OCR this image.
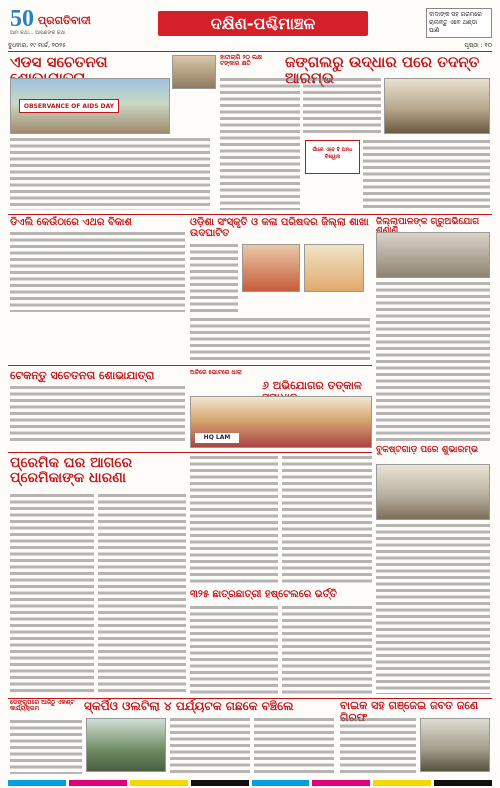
50 ପ୍ରଗତିବାଦୀ
ଆମ କଥା... ଆପଣଙ୍କ କଥା	ଦକ୍ଷିଣ-ପଶ୍ଚିମାଞ୍ଚଳ	ଦାଦାଙ୍କ ସହ ଗରମରେ ଚାଲନ୍ତୁ ଏବେ ଥଣ୍ଡା ପାଣି
ବୁଧବାର, ୧୯ ମାର୍ଚ୍ଚ, ୨୦୨୫	ପୃଷ୍ଠା : ୧୦
ଏଡସ ସଚେତନତା
OBSERVANCE OF AIDS DAY
ହାତୀଲାଗି ୨୦ ଲକ୍ଷ ଟଙ୍କାର କ୍ଷତି	ଜଙ୍ଗଲରୁ ଉଦ୍ଧାର ପରେ ତଦନ୍ତ ଆରମ୍ଭ
ଗାଁରେ ଏବେ ବି ଅନ୍ଧ ବିଶ୍ୱାସ
ଡିଏଲି କେଉଁଠାରେ ଏଥର ବିକାଶ	ଓଡ଼ିଶା ସଂସ୍କୃତି ଓ କଳା ପରିଷଦର ଜିଲ୍ଲା ଶାଖା ଉଦଘାଟିତ
ଜିଲ୍ଲାପାଳଙ୍କ ଗ୍ରୁଅଭିଯୋଗ
ଟେକନ୍ତୁ ସଚେତନତା ଶୋଭାଯାତ୍ରା	ଅଚିରେ ଭୋଟରେ ଧାରା
୬ ଅଭିଯୋଗର ତତ୍କାଳ
HQ LAM
ବୁକଷ୍ଟଗାଡ଼ ପରେ ଶୁଭାରମ୍ଭ
ପ୍ରେମିକ ଘର ଆଗରେ ପ୍ରେମିକାଙ୍କ ଧାରଣା
୩୨୫ ଛାତ୍ରଛାତ୍ରୀ ହଷ୍ଟେଲରେ ଭର୍ତ୍ତି
ଡେଙ୍ଗୁପରେ ଆଜିଠୁ ଏକଣ୍ଟ କାର୍ଯ୍ୟକ୍ରମ	ସ୍କର୍ପିଓ ଓଲଟିଲା ୪ ପର୍ଯ୍ୟଟକ ଗଛକେ ବଞ୍ଚିଲେ	ବାଇକ ସହ ଗଞ୍ଜେଇ ଜବତ ଜଣେ ଗିରଫ
